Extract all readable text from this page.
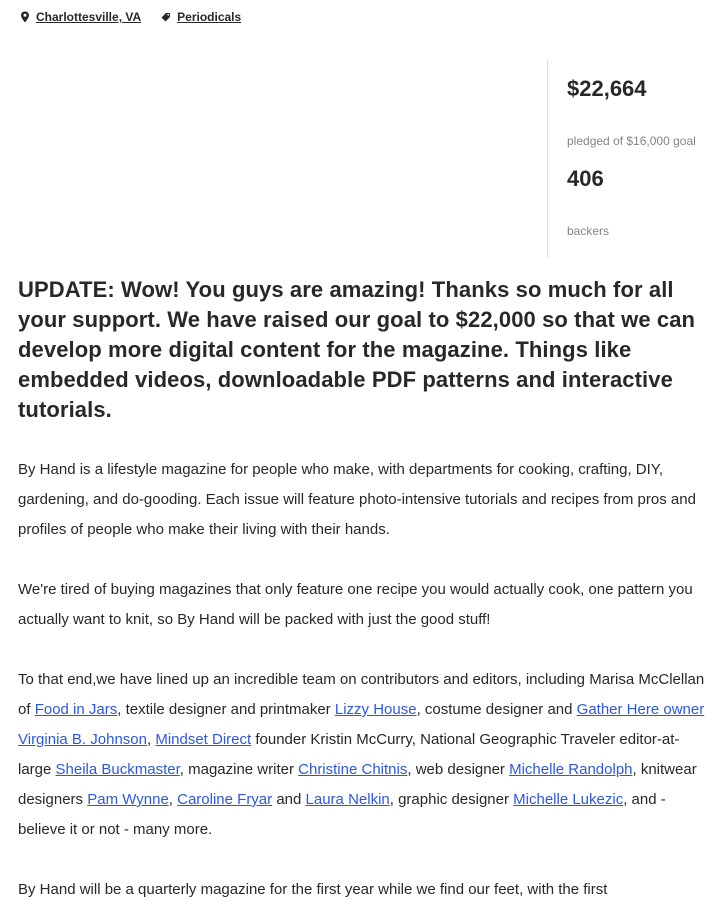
Charlottesville, VA	Periodicals
$22,664
pledged of $16,000 goal
406
backers

UPDATE: Wow! You guys are amazing! Thanks so much for all your support. We have raised our goal to $22,000 so that we can develop more digital content for the magazine. Things like embedded videos, downloadable PDF patterns and interactive tutorials.

By Hand is a lifestyle magazine for people who make, with departments for cooking, crafting, DIY, gardening, and do-gooding. Each issue will feature photo-intensive tutorials and recipes from pros and profiles of people who make their living with their hands.

We're tired of buying magazines that only feature one recipe you would actually cook, one pattern you actually want to knit, so By Hand will be packed with just the good stuff!

To that end,we have lined up an incredible team on contributors and editors, including Marisa McClellan of Food in Jars, textile designer and printmaker Lizzy House, costume designer and Gather Here owner Virginia B. Johnson, Mindset Direct founder Kristin McCurry, National Geographic Traveler editor-at-large Sheila Buckmaster, magazine writer Christine Chitnis, web designer Michelle Randolph, knitwear designers Pam Wynne, Caroline Fryar and Laura Nelkin, graphic designer Michelle Lukezic, and - believe it or not - many more.

By Hand will be a quarterly magazine for the first year while we find our feet, with the first
